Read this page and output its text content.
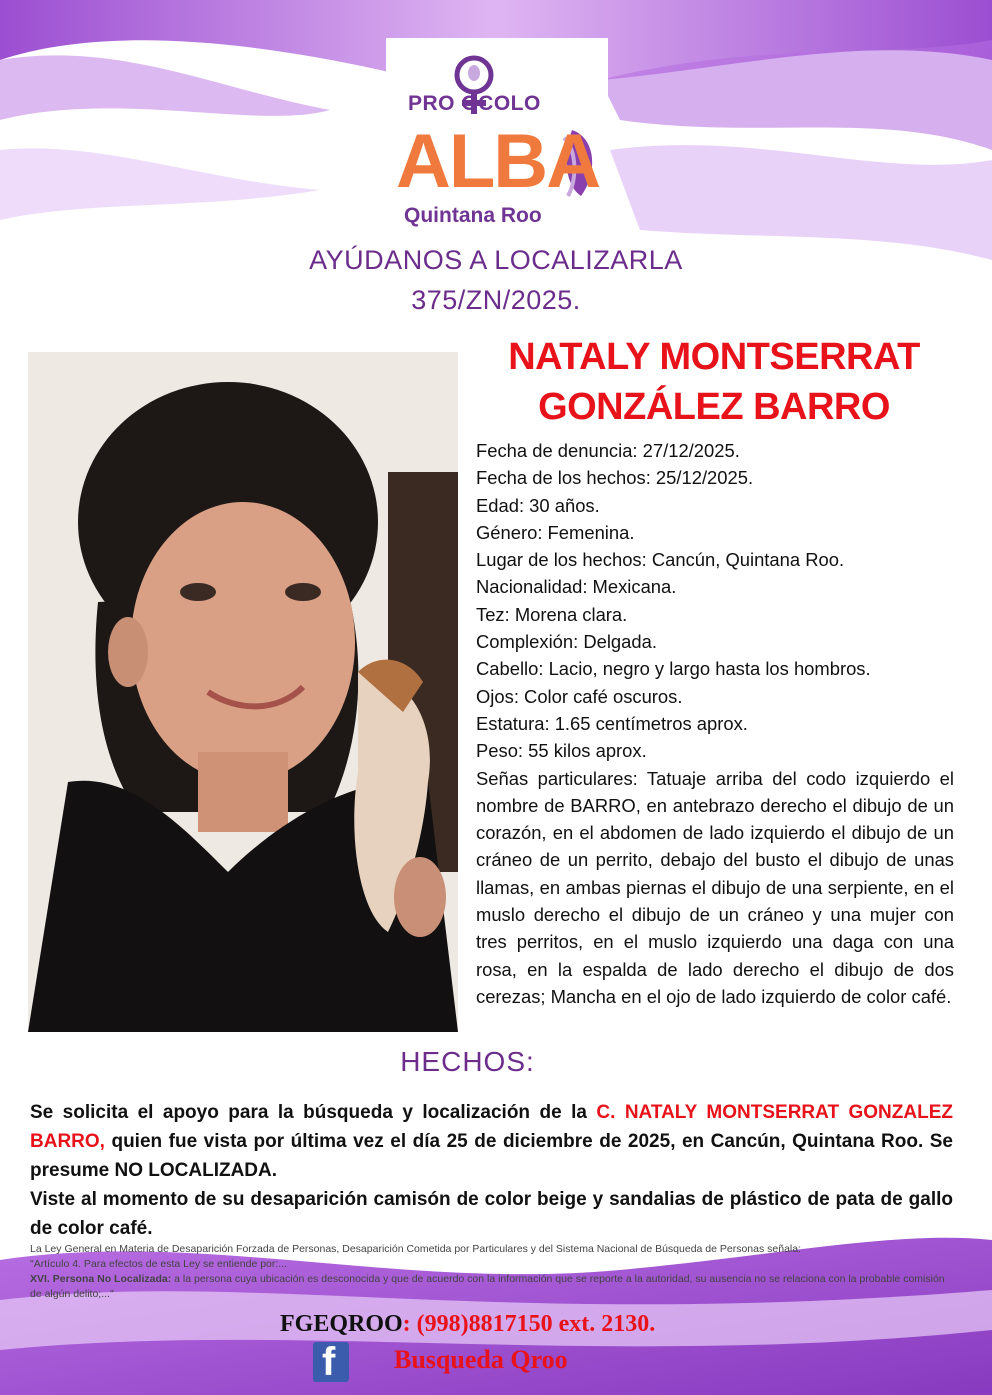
PRO OCOLO
ALBA
Quintana Roo
AYÚDANOS A LOCALIZARLA
375/ZN/2025.
NATALY MONTSERRAT
GONZÁLEZ BARRO
Fecha de denuncia: 27/12/2025.
Fecha de los hechos: 25/12/2025.
Edad: 30 años.
Género: Femenina.
Lugar de los hechos: Cancún, Quintana Roo.
Nacionalidad: Mexicana.
Tez: Morena clara.
Complexión: Delgada.
Cabello: Lacio, negro y largo hasta los hombros.
Ojos: Color café oscuros.
Estatura: 1.65 centímetros aprox.
Peso: 55 kilos aprox.
Señas particulares: Tatuaje arriba del codo izquierdo el nombre de BARRO, en antebrazo derecho el dibujo de un corazón, en el abdomen de lado izquierdo el dibujo de un cráneo de un perrito, debajo del busto el dibujo de unas llamas, en ambas piernas el dibujo de una serpiente, en el muslo derecho el dibujo de un cráneo y una mujer con tres perritos, en el muslo izquierdo una daga con una rosa, en la espalda de lado derecho el dibujo de dos cerezas; Mancha en el ojo de lado izquierdo de color café.
HECHOS:
Se solicita el apoyo para la búsqueda y localización de la C. NATALY MONTSERRAT GONZALEZ BARRO, quien fue vista por última vez el día 25 de diciembre de 2025, en Cancún, Quintana Roo. Se presume NO LOCALIZADA.
Viste al momento de su desaparición camisón de color beige y sandalias de plástico de pata de gallo de color café.
La Ley General en Materia de Desaparición Forzada de Personas, Desaparición Cometida por Particulares y del Sistema Nacional de Búsqueda de Personas señala:
"Artículo 4. Para efectos de esta Ley se entiende por:...
XVI. Persona No Localizada: a la persona cuya ubicación es desconocida y que de acuerdo con la información que se reporte a la autoridad, su ausencia no se relaciona con la probable comisión de algún delito;..."
FGEQROO: (998)8817150 ext. 2130.
f Busqueda Qroo
